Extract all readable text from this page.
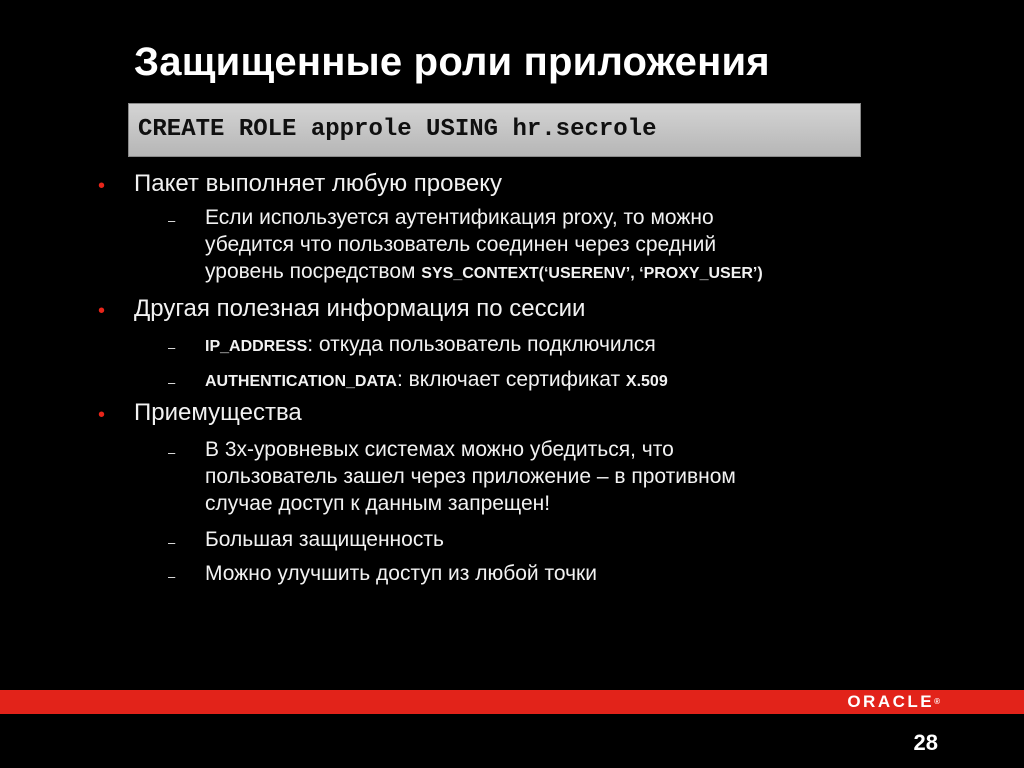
Защищенные роли приложения
CREATE ROLE approle USING hr.secrole
• Пакет выполняет любую провеку
– Если используется аутентификация proxy, то можно
убедится что пользователь соединен через средний
уровень посредством SYS_CONTEXT(‘USERENV’, ‘PROXY_USER’)
• Другая полезная информация по сессии
– IP_ADDRESS: откуда пользователь подключился
– AUTHENTICATION_DATA: включает сертификат X.509
• Приемущества
– В 3х-уровневых системах можно убедиться, что
пользователь зашел через приложение – в противном
случае доступ к данным запрещен!
– Большая защищенность
– Можно улучшить доступ из любой точки
ORACLE®
28
